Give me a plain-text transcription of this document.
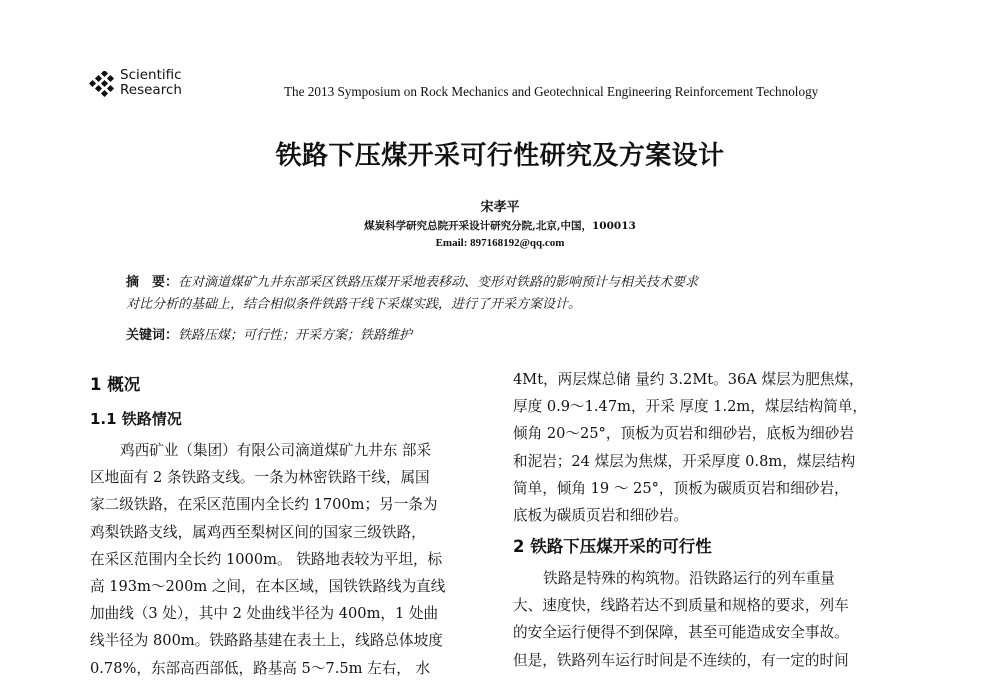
Scientific
Research	The 2013 Symposium on Rock Mechanics and Geotechnical Engineering Reinforcement Technology
铁路下压煤开采可行性研究及方案设计
宋孝平
煤炭科学研究总院开采设计研究分院,北京,中国，100013
Email: 897168192@qq.com
摘　要：在对滴道煤矿九井东部采区铁路压煤开采地表移动、变形对铁路的影响预计与相关技术要求
对比分析的基础上，结合相似条件铁路干线下采煤实践，进行了开采方案设计。
关键词：铁路压煤；可行性；开采方案；铁路维护
1 概况
1.1 铁路情况

鸡西矿业（集团）有限公司滴道煤矿九井东 部采

区地面有 2 条铁路支线。一条为林密铁路干线，属国

家二级铁路，在采区范围内全长约 1700m；另一条为

鸡梨铁路支线，属鸡西至梨树区间的国家三级铁路，

在采区范围内全长约 1000m。 铁路地表较为平坦，标

高 193m～200m 之间，在本区域，国铁铁路线为直线

加曲线（3 处），其中 2 处曲线半径为 400m，1 处曲

线半径为 800m。铁路路基建在表土上，线路总体坡度

0.78%，东部高西部低，路基高 5～7.5m 左右， 水

4Mt，两层煤总储 量约 3.2Mt。36A 煤层为肥焦煤，

厚度 0.9～1.47m，开采 厚度 1.2m，煤层结构简单，

倾角 20～25°，顶板为页岩和细砂岩，底板为细砂岩

和泥岩；24 煤层为焦煤，开采厚度 0.8m，煤层结构

简单，倾角 19 ～ 25°，顶板为碳质页岩和细砂岩，

底板为碳质页岩和细砂岩。

2 铁路下压煤开采的可行性

铁路是特殊的构筑物。沿铁路运行的列车重量

大、速度快，线路若达不到质量和规格的要求，列车

的安全运行便得不到保障，甚至可能造成安全事故。

但是，铁路列车运行时间是不连续的，有一定的时间
